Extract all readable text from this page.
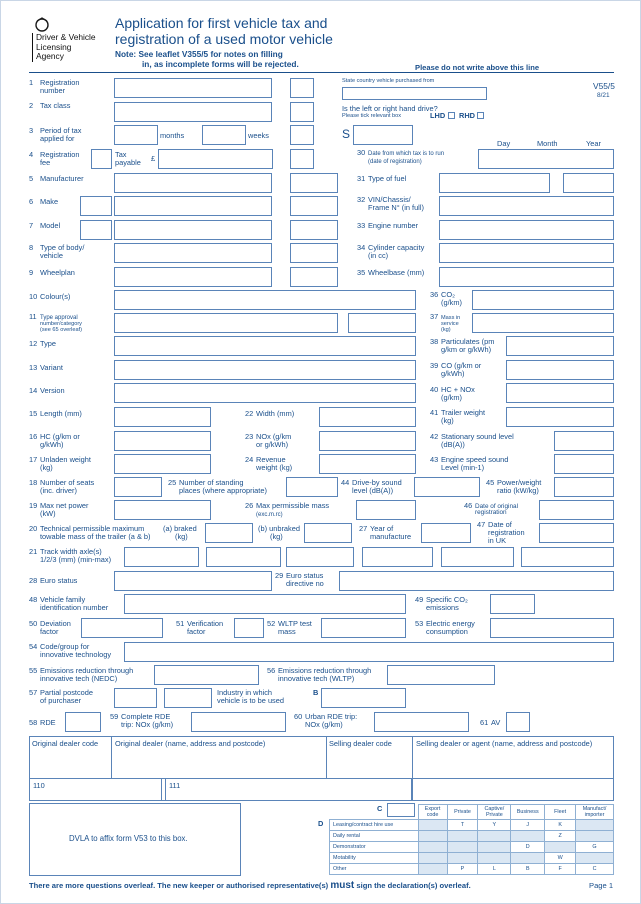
Driver & Vehicle
Licensing
Agency
Application for first vehicle tax and
registration of a used motor vehicle
Note: See leaflet V355/5 for notes on filling
in, as incomplete forms will be rejected.	Please do not write above this line
State country vehicle purchased from	V55/5
8/21
1 Registration
number
2 Tax class	Is the left or right hand drive?
Please tick relevant box	LHD RHD
3 Period of tax
applied for	months	weeks	S
4 Registration
fee
Tax
payable £
Day	Month	Year
30 Date from which tax is to run
(date of registration)
5 Manufacturer	31 Type of fuel
6 Make	32 VIN/Chassis/
Frame N° (in full)
7 Model	33 Engine number
8 Type of body/
vehicle
34 Cylinder capacity
(in cc)
9 Wheelplan	35 Wheelbase (mm)
10 Colour(s)	36 CO₂
(g/km)
11 Type approval
number/category
(see 65 overleaf)
37 Mass in
service
(kg)
12 Type	38 Particulates (pm
g/km or g/kWh)
13 Variant	39 CO (g/km or
g/kWh)
14 Version	40 HC + NOx
(g/km)
15 Length (mm)	22 Width (mm)	41 Trailer weight
(kg)
16 HC (g/km or
g/kWh)
23 NOx (g/km
or g/kWh)
42 Stationary sound level
(dB(A))
17 Unladen weight
(kg)
24 Revenue
weight (kg)
43 Engine speed sound
Level (min-1)
18 Number of seats
(inc. driver)
25 Number of standing
places (where appropriate)
44 Drive-by sound
level (dB(A))
45 Power/weight
ratio (kW/kg)
19 Max net power
(kW)
26 Max permissible mass
(exc.m.rc)
46 Date of original
registration
20 Technical permissible maximum
towable mass of the trailer (a & b)
(a) braked
(kg)
(b) unbraked
(kg)
27 Year of
manufacture
47 Date of
registration
in UK
21 Track width axle(s)
1/2/3 (mm) (min-max)
28 Euro status
29 Euro status
directive no
48 Vehicle family
identification number
49 Specific CO₂
emissions
50 Deviation
factor
51 Verification
factor
52 WLTP test
mass
53 Electric energy
consumption
54 Code/group for
innovative technology
55 Emissions reduction through
innovative tech (NEDC)
56 Emissions reduction through
innovative tech (WLTP)
57 Partial postcode
of purchaser
Industry in which
vehicle is to be used
B
58 RDE
59 Complete RDE
trip: NOx (g/km)
60 Urban RDE trip:
NOx (g/km)	61 AV
Original dealer code Original dealer (name, address and postcode)	Selling dealer code	Selling dealer or agent (name, address and postcode)
110	111
DVLA to affix form V53 to this box.
C
D
	Export code	Private	Captive/ Private	Business	Fleet	Manufact/ importer
Leasing/contract hire use		T	Y	J	K	
Daily rental					Z	
Demonstrator				D		G
Motability					W	
Other		P	L	B	F	C
There are more questions overleaf. The new keeper or authorised representative(s) must sign the declaration(s) overleaf.	Page 1
